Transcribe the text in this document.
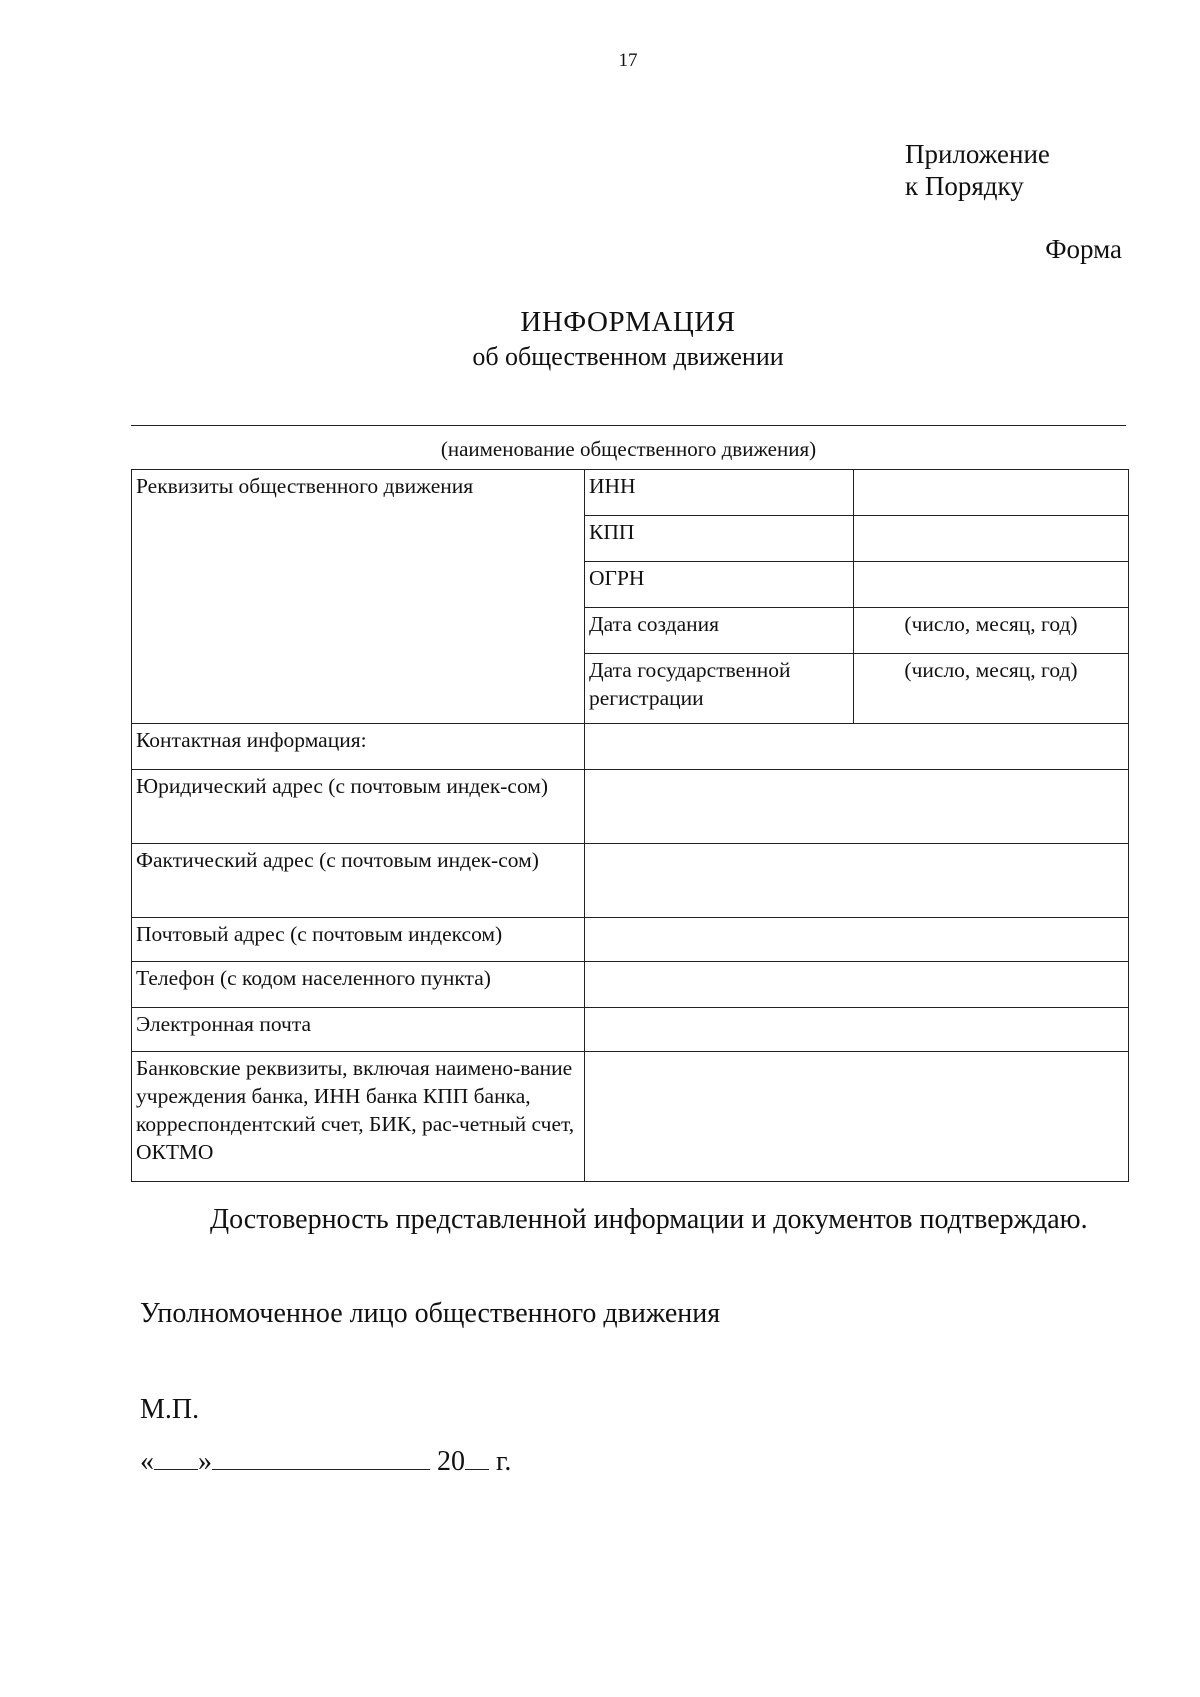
17
Приложение
к Порядку
Форма
ИНФОРМАЦИЯ
об общественном движении
(наименование общественного движения)
Реквизиты общественного движения	ИНН	
	КПП	
	ОГРН	
	Дата создания	(число, месяц, год)
	Дата государственной регистрации	(число, месяц, год)
Контактная информация:		
Юридический адрес (с почтовым индек-сом)		
Фактический адрес (с почтовым индек-сом)		
Почтовый адрес (с почтовым индексом)		
Телефон (с кодом населенного пункта)		
Электронная почта		
Банковские реквизиты, включая наимено-вание учреждения банка, ИНН банка КПП банка, корреспондентский счет, БИК, рас-четный счет, ОКТМО		
Достоверность представленной информации и документов подтверждаю.
Уполномоченное лицо общественного движения
М.П.
« »	20 г.
